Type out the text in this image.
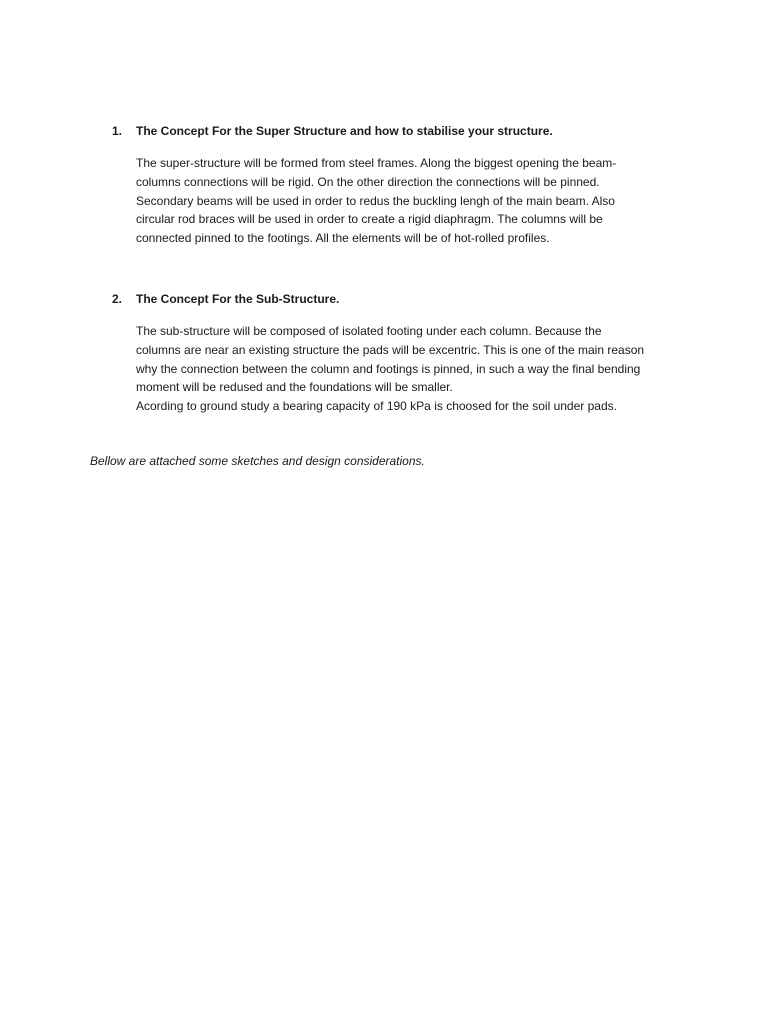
1. The Concept For the Super Structure and how to stabilise your structure.
The super-structure will be formed from steel frames. Along the biggest opening the beam-
columns connections will be rigid. On the other direction the connections will be pinned.
Secondary beams will be used in order to redus the buckling lengh of the main beam. Also
circular rod braces will be used in order to create a rigid diaphragm. The columns will be
connected pinned to the footings. All the elements will be of hot-rolled profiles.
2. The Concept For the Sub-Structure.
The sub-structure will be composed of isolated footing under each column. Because the
columns are near an existing structure the pads will be excentric. This is one of the main reason
why the connection between the column and footings is pinned, in such a way the final bending
moment will be redused and the foundations will be smaller.
Acording to ground study a bearing capacity of 190 kPa is choosed for the soil under pads.
Bellow are attached some sketches and design considerations.
